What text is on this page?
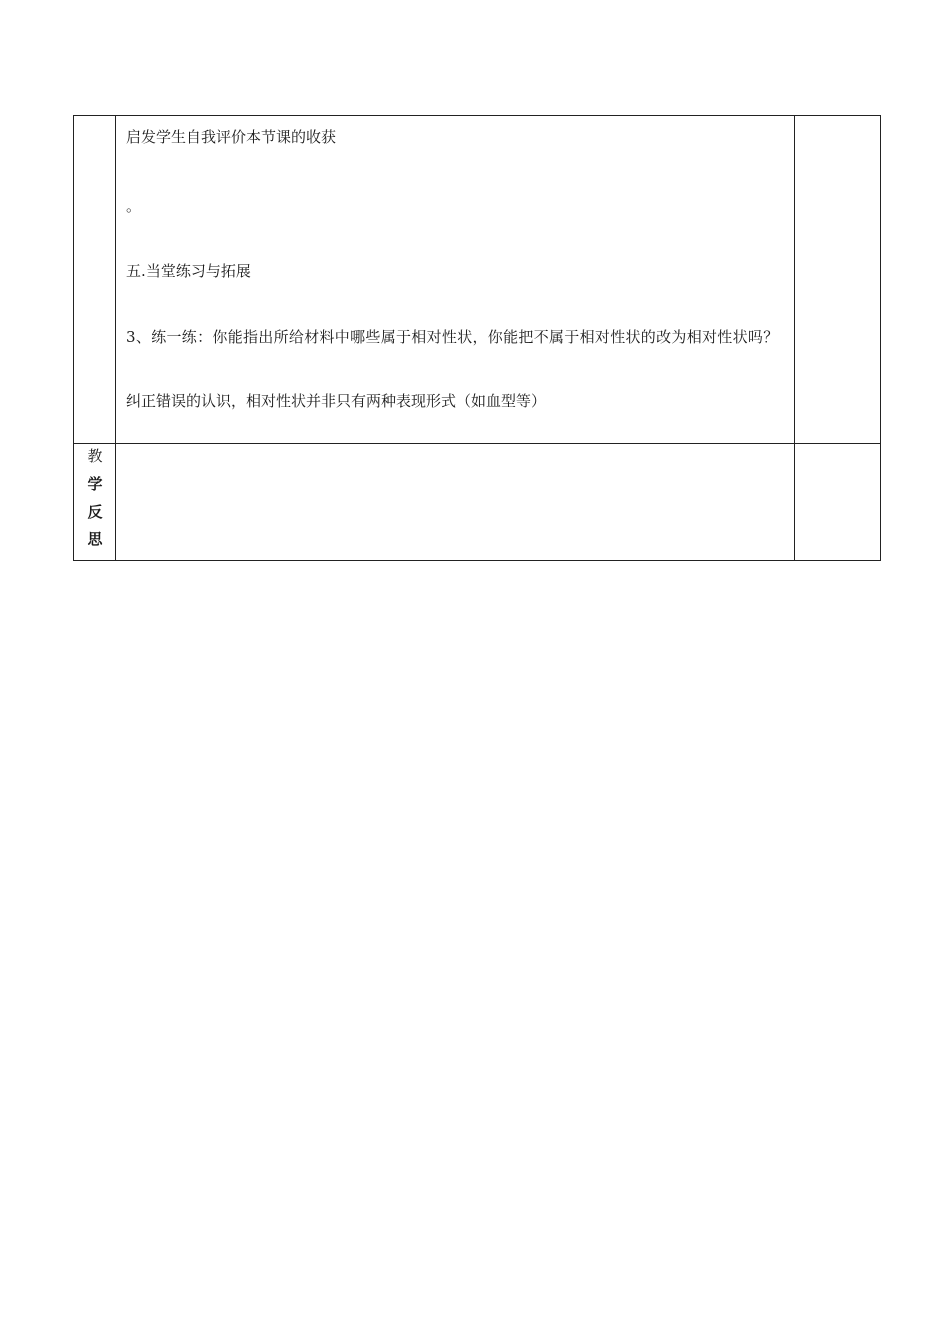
	启发学生自我评价本节课的收获
。
五.当堂练习与拓展
3、练一练：你能指出所给材料中哪些属于相对性状，你能把不属于相对性状的改为相对性状吗？
纠正错误的认识，相对性状并非只有两种表现形式（如血型等）	

教
学
反
思		
